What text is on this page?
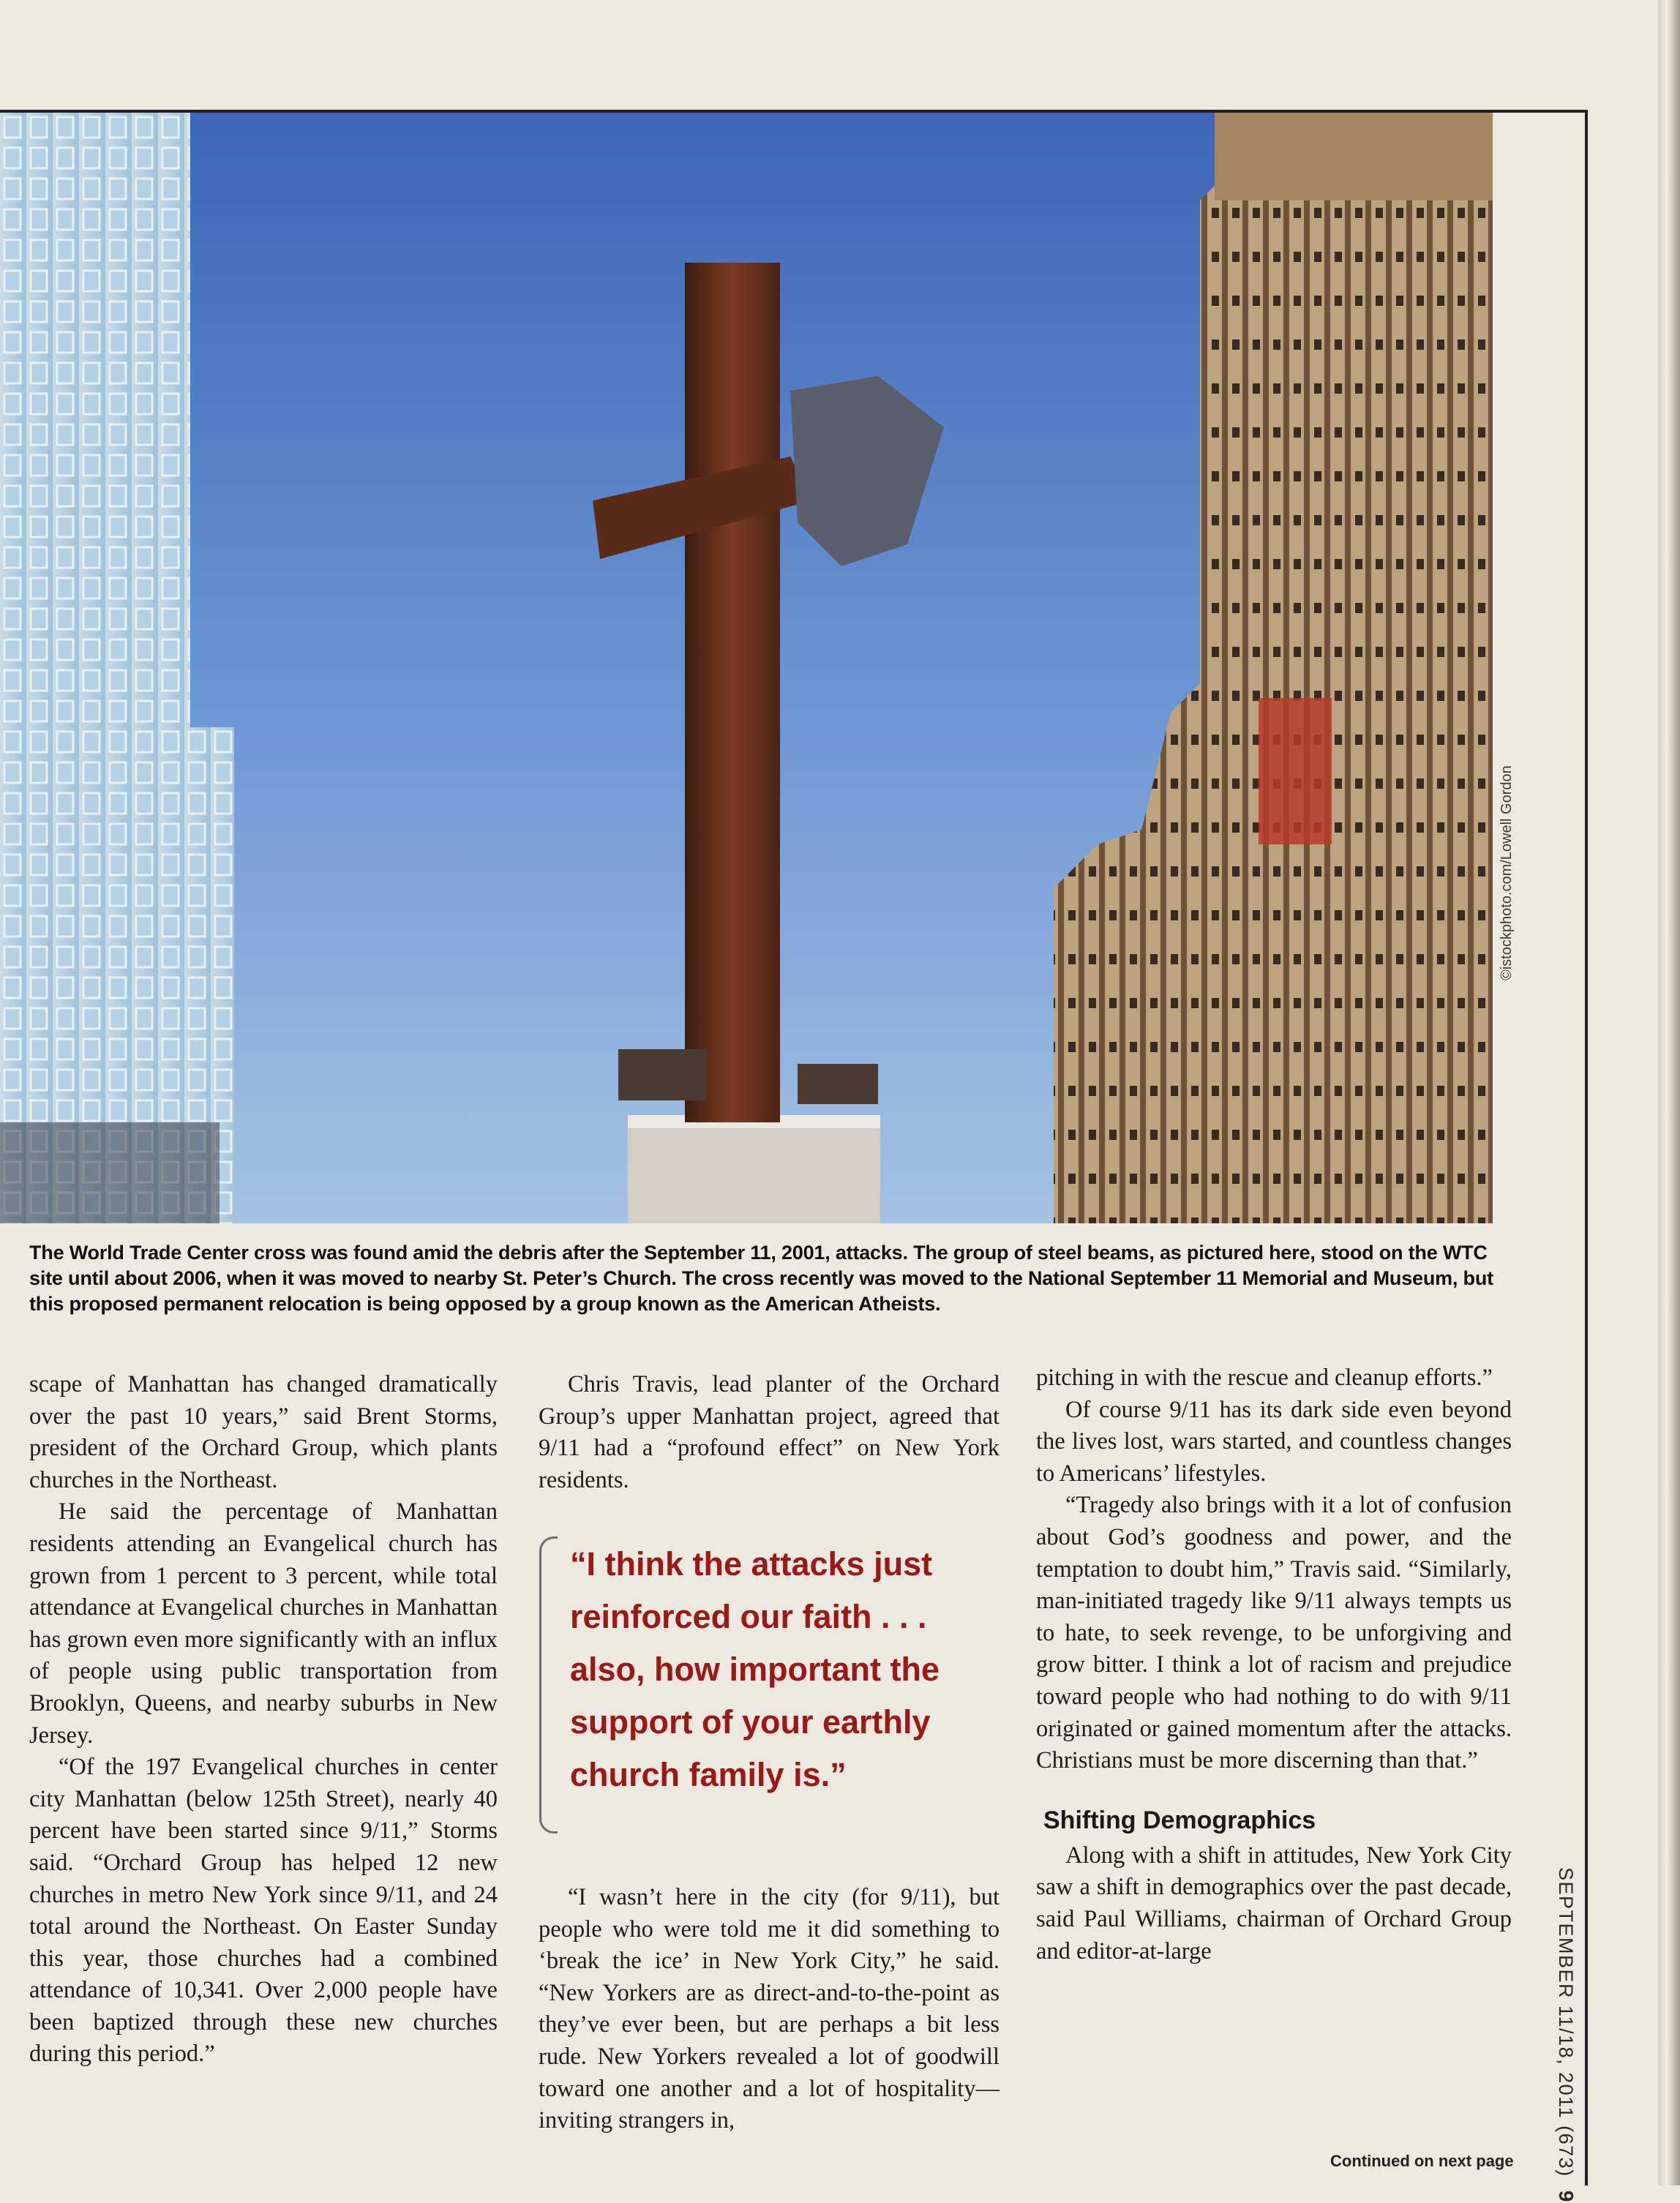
©istockphoto.com/Lowell Gordon
The World Trade Center cross was found amid the debris after the September 11, 2001, attacks. The group of steel beams, as pictured here, stood on the WTC site until about 2006, when it was moved to nearby St. Peter’s Church. The cross recently was moved to the National September 11 Memorial and Museum, but this proposed permanent relocation is being opposed by a group known as the American Atheists.

scape of Manhattan has changed dramatically over the past 10 years,” said Brent Storms, president of the Orchard Group, which plants churches in the Northeast.

He said the percentage of Manhattan residents attending an Evangelical church has grown from 1 percent to 3 percent, while total attendance at Evangelical churches in Manhattan has grown even more significantly with an influx of people using public transportation from Brooklyn, Queens, and nearby suburbs in New Jersey.

“Of the 197 Evangelical churches in center city Manhattan (below 125th Street), nearly 40 percent have been started since 9/11,” Storms said. “Orchard Group has helped 12 new churches in metro New York since 9/11, and 24 total around the Northeast. On Easter Sunday this year, those churches had a combined attendance of 10,341. Over 2,000 people have been baptized through these new churches during this period.”

Chris Travis, lead planter of the Orchard Group’s upper Manhattan project, agreed that 9/11 had a “profound effect” on New York residents.

“I think the attacks just reinforced our faith . . . also, how important the support of your earthly church family is.”

“I wasn’t here in the city (for 9/11), but people who were told me it did something to ‘break the ice’ in New York City,” he said. “New Yorkers are as direct-and-to-the-point as they’ve ever been, but are perhaps a bit less rude. New Yorkers revealed a lot of goodwill toward one another and a lot of hospitality—inviting strangers in,

pitching in with the rescue and cleanup efforts.”

Of course 9/11 has its dark side even beyond the lives lost, wars started, and countless changes to Americans’ lifestyles.

“Tragedy also brings with it a lot of confusion about God’s goodness and power, and the temptation to doubt him,” Travis said. “Similarly, man-initiated tragedy like 9/11 always tempts us to hate, to seek revenge, to be unforgiving and grow bitter. I think a lot of racism and prejudice toward people who had nothing to do with 9/11 originated or gained momentum after the attacks. Christians must be more discerning than that.”

Shifting Demographics

Along with a shift in attitudes, New York City saw a shift in demographics over the past decade, said Paul Williams, chairman of Orchard Group and editor-at-large

Continued on next page	SEPTEMBER 11/18, 2011 (673)  9
